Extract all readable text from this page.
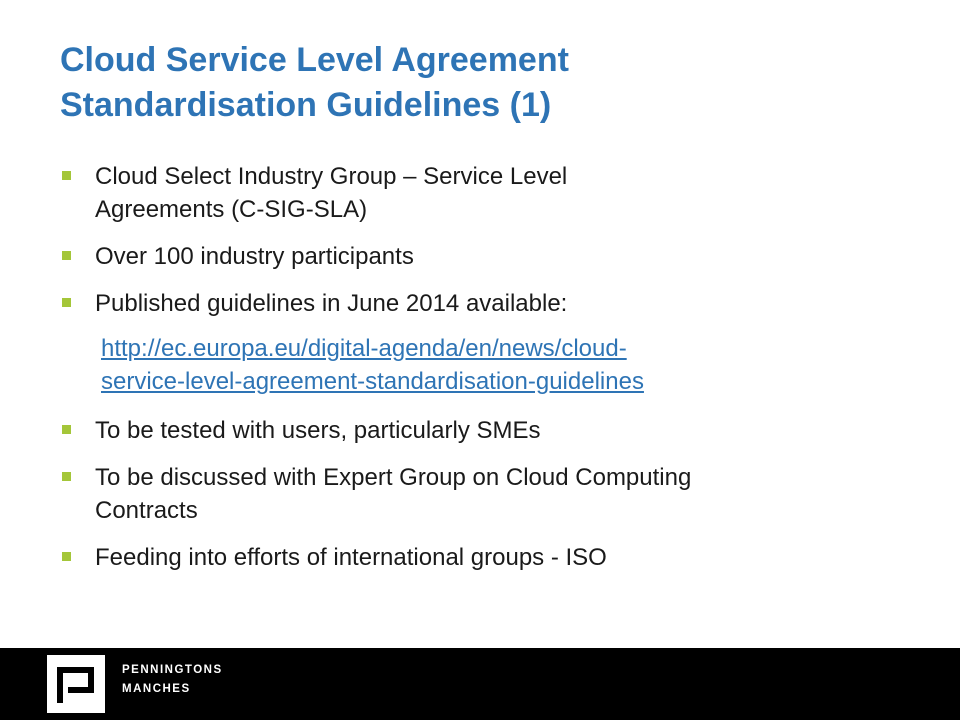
Cloud Service Level Agreement
Standardisation Guidelines (1)
Cloud Select Industry Group – Service Level
Agreements (C-SIG-SLA)
Over 100 industry participants
Published guidelines in June 2014 available:
http://ec.europa.eu/digital-agenda/en/news/cloud-
service-level-agreement-standardisation-guidelines
To be tested with users, particularly SMEs
To be discussed with Expert Group on Cloud Computing
Contracts
Feeding into efforts of international groups - ISO
PENNINGTONS
MANCHES
